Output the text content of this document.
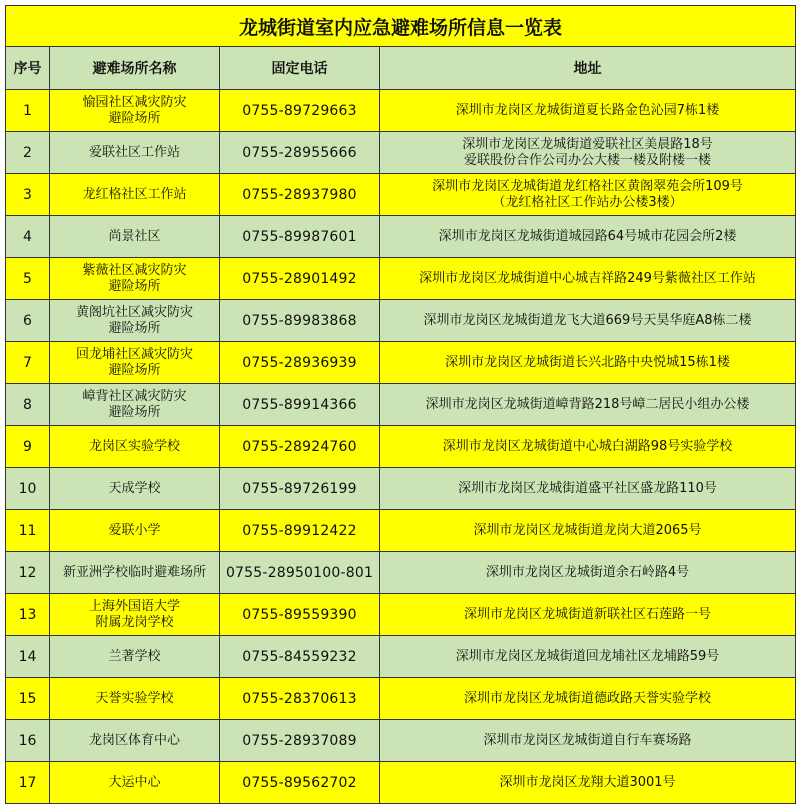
龙城街道室内应急避难场所信息一览表			
序号	避难场所名称	固定电话	地址
1	愉园社区减灾防灾
避险场所	0755-89729663	深圳市龙岗区龙城街道夏长路金色沁园7栋1楼

2	爱联社区工作站	0755-28955666	深圳市龙岗区龙城街道爱联社区美晨路18号
爱联股份合作公司办公大楼一楼及附楼一楼

3	龙红格社区工作站	0755-28937980	深圳市龙岗区龙城街道龙红格社区黄阁翠苑会所109号
（龙红格社区工作站办公楼3楼）

4	尚景社区	0755-89987601	深圳市龙岗区龙城街道城园路64号城市花园会所2楼

5	紫薇社区减灾防灾
避险场所	0755-28901492	深圳市龙岗区龙城街道中心城吉祥路249号紫薇社区工作站

6	黄阁坑社区减灾防灾
避险场所	0755-89983868	深圳市龙岗区龙城街道龙飞大道669号天昊华庭A8栋二楼

7	回龙埔社区减灾防灾
避险场所	0755-28936939	深圳市龙岗区龙城街道长兴北路中央悦城15栋1楼

8	嶂背社区减灾防灾
避险场所	0755-89914366	深圳市龙岗区龙城街道嶂背路218号嶂二居民小组办公楼

9	龙岗区实验学校	0755-28924760	深圳市龙岗区龙城街道中心城白湖路98号实验学校

10	天成学校	0755-89726199	深圳市龙岗区龙城街道盛平社区盛龙路110号

11	爱联小学	0755-89912422	深圳市龙岗区龙城街道龙岗大道2065号

12	新亚洲学校临时避难场所	0755-28950100-801	深圳市龙岗区龙城街道余石岭路4号

13	上海外国语大学
附属龙岗学校	0755-89559390	深圳市龙岗区龙城街道新联社区石莲路一号

14	兰著学校	0755-84559232	深圳市龙岗区龙城街道回龙埔社区龙埔路59号

15	天誉实验学校	0755-28370613	深圳市龙岗区龙城街道德政路天誉实验学校

16	龙岗区体育中心	0755-28937089	深圳市龙岗区龙城街道自行车赛场路

17	大运中心	0755-89562702	深圳市龙岗区龙翔大道3001号
